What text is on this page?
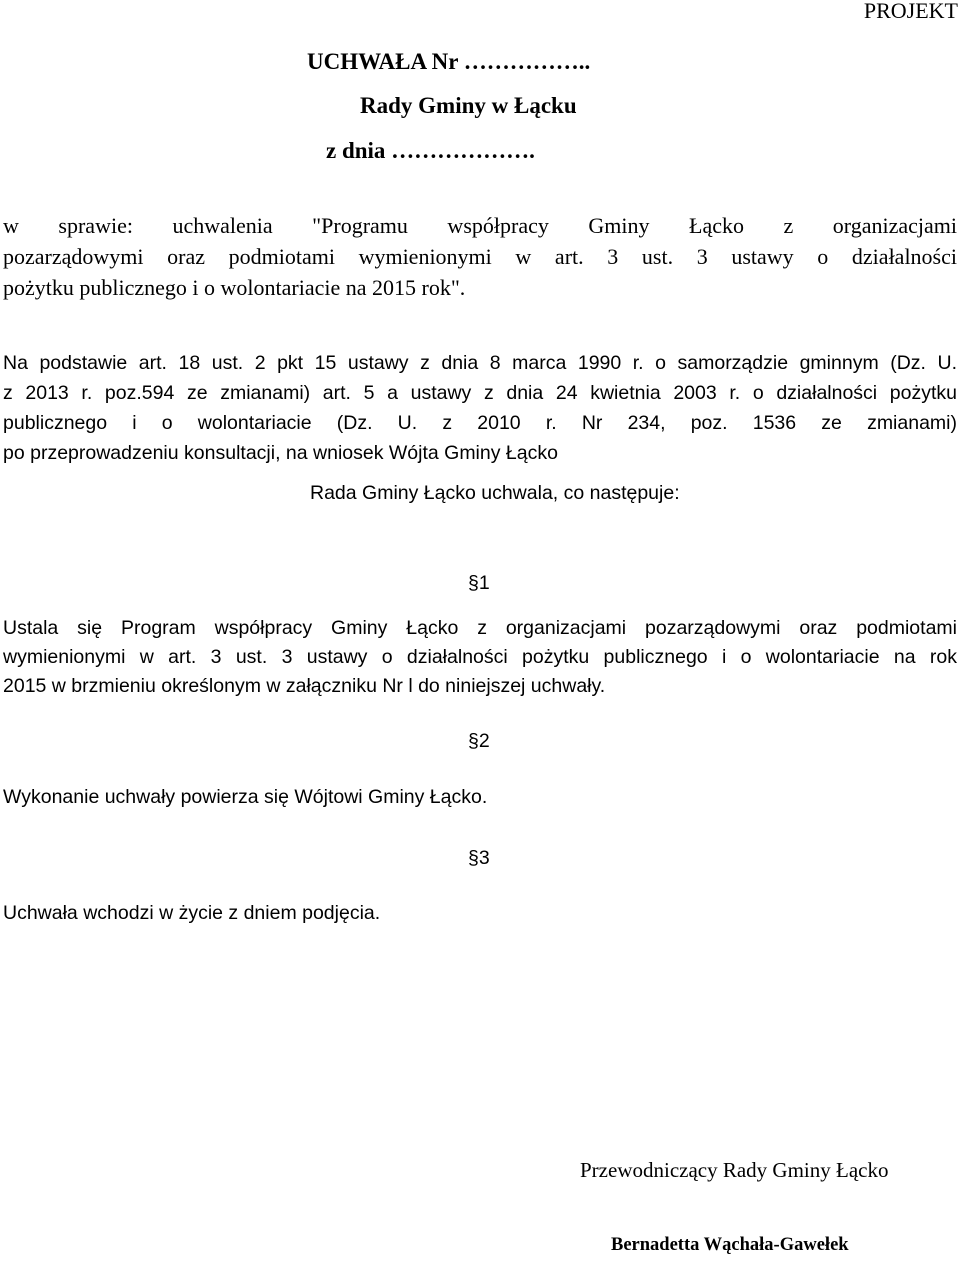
PROJEKT
UCHWAŁA Nr ……………..
Rady Gminy w Łącku
z dnia ……………….
w sprawie: uchwalenia "Programu współpracy Gminy Łącko z organizacjami
pozarządowymi oraz podmiotami wymienionymi w art. 3 ust. 3 ustawy o działalności
pożytku publicznego i o wolontariacie na 2015 rok".
Na podstawie art. 18 ust. 2 pkt 15 ustawy z dnia 8 marca 1990 r. o samorządzie gminnym (Dz. U.
z 2013 r. poz.594 ze zmianami) art. 5 a ustawy z dnia 24 kwietnia 2003 r. o działalności pożytku
publicznego i o wolontariacie (Dz. U. z 2010 r. Nr 234, poz. 1536 ze zmianami)
po przeprowadzeniu konsultacji, na wniosek Wójta Gminy Łącko
Rada Gminy Łącko uchwala, co następuje:
§1
Ustala się Program współpracy Gminy Łącko z organizacjami pozarządowymi oraz podmiotami
wymienionymi w art. 3 ust. 3 ustawy o działalności pożytku publicznego i o wolontariacie na rok
2015 w brzmieniu określonym w załączniku Nr l do niniejszej uchwały.
§2
Wykonanie uchwały powierza się Wójtowi Gminy Łącko.
§3
Uchwała wchodzi w życie z dniem podjęcia.
Przewodniczący Rady Gminy Łącko
Bernadetta Wąchała-Gawełek
